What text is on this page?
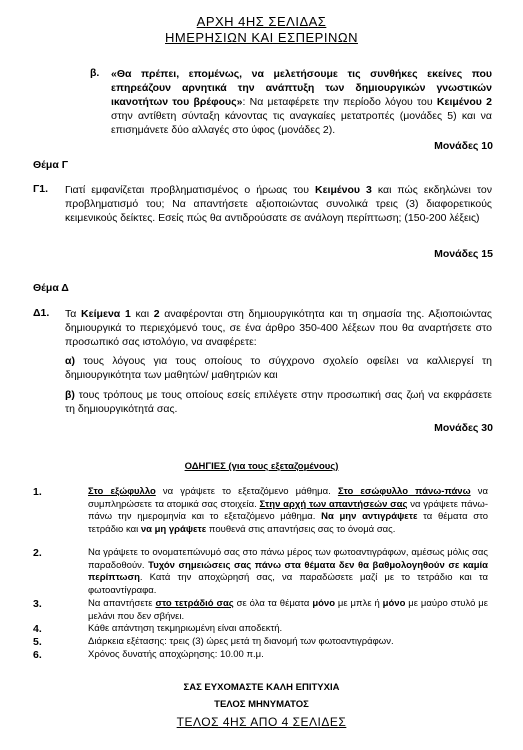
ΑΡΧΗ 4ΗΣ ΣΕΛΙΔΑΣ
ΗΜΕΡΗΣΙΩΝ ΚΑΙ ΕΣΠΕΡΙΝΩΝ
β. «Θα πρέπει, επομένως, να μελετήσουμε τις συνθήκες εκείνες που επηρεάζουν αρνητικά την ανάπτυξη των δημιουργικών γνωστικών ικανοτήτων του βρέφους»: Να μεταφέρετε την περίοδο λόγου του Κειμένου 2 στην αντίθετη σύνταξη κάνοντας τις αναγκαίες μετατροπές (μονάδες 5) και να επισημάνετε δύο αλλαγές στο ύφος (μονάδες 2).
Μονάδες 10
Θέμα Γ
Γ1. Γιατί εμφανίζεται προβληματισμένος ο ήρωας του Κειμένου 3 και πώς εκδηλώνει τον προβληματισμό του; Να απαντήσετε αξιοποιώντας συνολικά τρεις (3) διαφορετικούς κειμενικούς δείκτες. Εσείς πώς θα αντιδρούσατε σε ανάλογη περίπτωση; (150-200 λέξεις)
Μονάδες 15
Θέμα Δ
Δ1. Τα Κείμενα 1 και 2 αναφέρονται στη δημιουργικότητα και τη σημασία της. Αξιοποιώντας δημιουργικά το περιεχόμενό τους, σε ένα άρθρο 350-400 λέξεων που θα αναρτήσετε στο προσωπικό σας ιστολόγιο, να αναφέρετε:
α) τους λόγους για τους οποίους το σύγχρονο σχολείο οφείλει να καλλιεργεί τη δημιουργικότητα των μαθητών/ μαθητριών και
β) τους τρόπους με τους οποίους εσείς επιλέγετε στην προσωπική σας ζωή να εκφράσετε τη δημιουργικότητά σας.
Μονάδες 30
ΟΔΗΓΙΕΣ (για τους εξεταζομένους)
1.	Στο εξώφυλλο να γράψετε το εξεταζόμενο μάθημα. Στο εσώφυλλο πάνω-πάνω να συμπληρώσετε τα ατομικά σας στοιχεία. Στην αρχή των απαντήσεών σας να γράψετε πάνω-πάνω την ημερομηνία και το εξεταζόμενο μάθημα. Να μην αντιγράψετε τα θέματα στο τετράδιο και να μη γράψετε πουθενά στις απαντήσεις σας το όνομά σας.
2.	Να γράψετε το ονοματεπώνυμό σας στο πάνω μέρος των φωτοαντιγράφων, αμέσως μόλις σας παραδοθούν. Τυχόν σημειώσεις σας πάνω στα θέματα δεν θα βαθμολογηθούν σε καμία περίπτωση. Κατά την αποχώρησή σας, να παραδώσετε μαζί με το τετράδιο και τα φωτοαντίγραφα.
3.	Να απαντήσετε στο τετράδιό σας σε όλα τα θέματα μόνο με μπλε ή μόνο με μαύρο στυλό με μελάνι που δεν σβήνει.
4.	Κάθε απάντηση τεκμηριωμένη είναι αποδεκτή.
5.	Διάρκεια εξέτασης: τρεις (3) ώρες μετά τη διανομή των φωτοαντιγράφων.
6.	Χρόνος δυνατής αποχώρησης: 10.00 π.μ.
ΣΑΣ ΕΥΧΟΜΑΣΤΕ ΚΑΛΗ ΕΠΙΤΥΧΙΑ
ΤΕΛΟΣ ΜΗΝΥΜΑΤΟΣ
ΤΕΛΟΣ 4ΗΣ ΑΠΟ 4 ΣΕΛΙΔΕΣ
